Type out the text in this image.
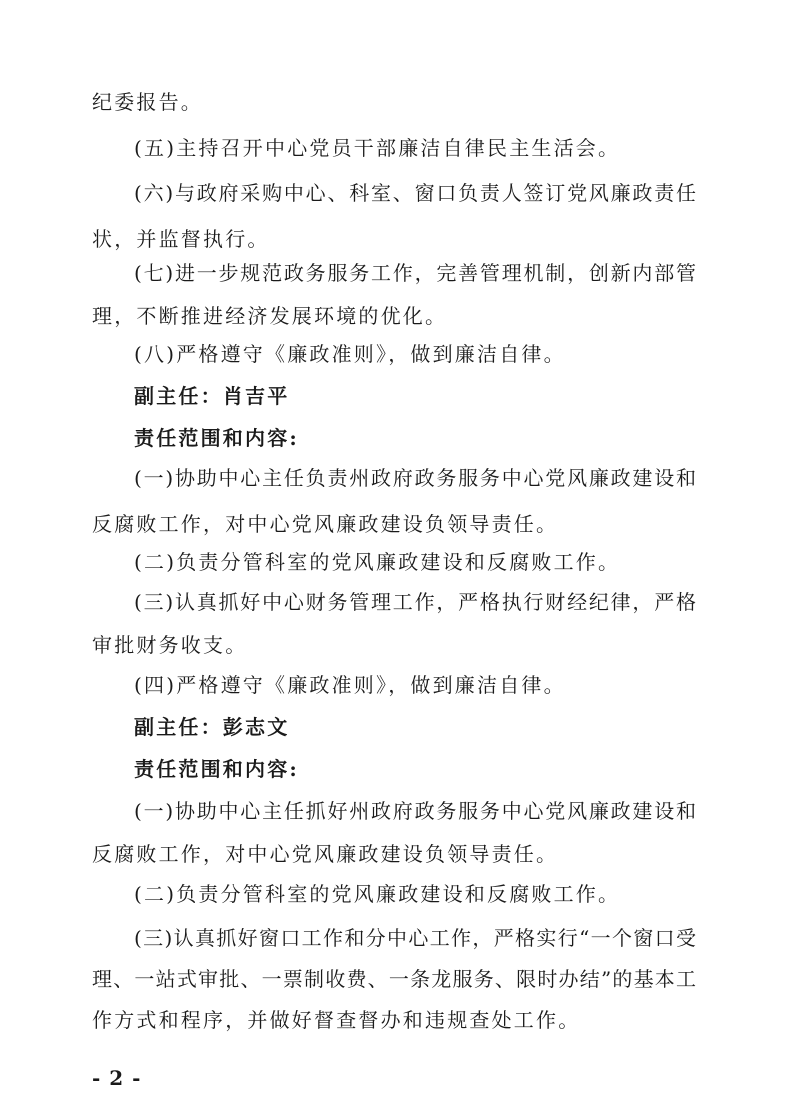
纪委报告。
(五)主持召开中心党员干部廉洁自律民主生活会。
(六)与政府采购中心、科室、窗口负责人签订党风廉政责任
状，并监督执行。
(七)进一步规范政务服务工作，完善管理机制，创新内部管
理，不断推进经济发展环境的优化。
(八)严格遵守《廉政准则》，做到廉洁自律。
副主任：肖吉平
责任范围和内容:
(一)协助中心主任负责州政府政务服务中心党风廉政建设和
反腐败工作，对中心党风廉政建设负领导责任。
(二)负责分管科室的党风廉政建设和反腐败工作。
(三)认真抓好中心财务管理工作，严格执行财经纪律，严格
审批财务收支。
(四)严格遵守《廉政准则》，做到廉洁自律。
副主任：彭志文
责任范围和内容:
(一)协助中心主任抓好州政府政务服务中心党风廉政建设和
反腐败工作，对中心党风廉政建设负领导责任。
(二)负责分管科室的党风廉政建设和反腐败工作。
(三)认真抓好窗口工作和分中心工作，严格实行“一个窗口受
理、一站式审批、一票制收费、一条龙服务、限时办结”的基本工
作方式和程序，并做好督查督办和违规查处工作。
- 2 -
